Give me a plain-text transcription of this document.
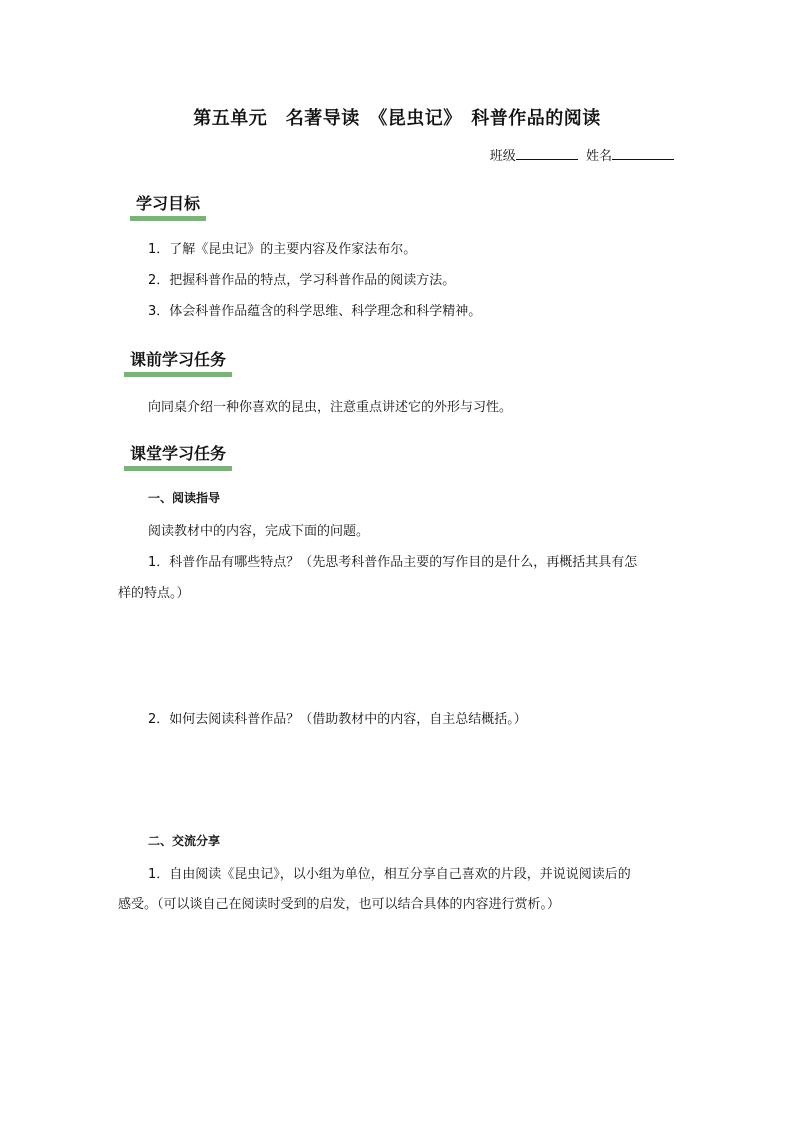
第五单元　名著导读　《昆虫记》　科普作品的阅读
班级	姓名
学习目标
1．了解《昆虫记》的主要内容及作家法布尔。
2．把握科普作品的特点，学习科普作品的阅读方法。
3．体会科普作品蕴含的科学思维、科学理念和科学精神。
课前学习任务
向同桌介绍一种你喜欢的昆虫，注意重点讲述它的外形与习性。
课堂学习任务
一、阅读指导
阅读教材中的内容，完成下面的问题。
1．科普作品有哪些特点？（先思考科普作品主要的写作目的是什么，再概括其具有怎
样的特点。）
2．如何去阅读科普作品？（借助教材中的内容，自主总结概括。）
二、交流分享
1．自由阅读《昆虫记》，以小组为单位，相互分享自己喜欢的片段，并说说阅读后的
感受。（可以谈自己在阅读时受到的启发，也可以结合具体的内容进行赏析。）
